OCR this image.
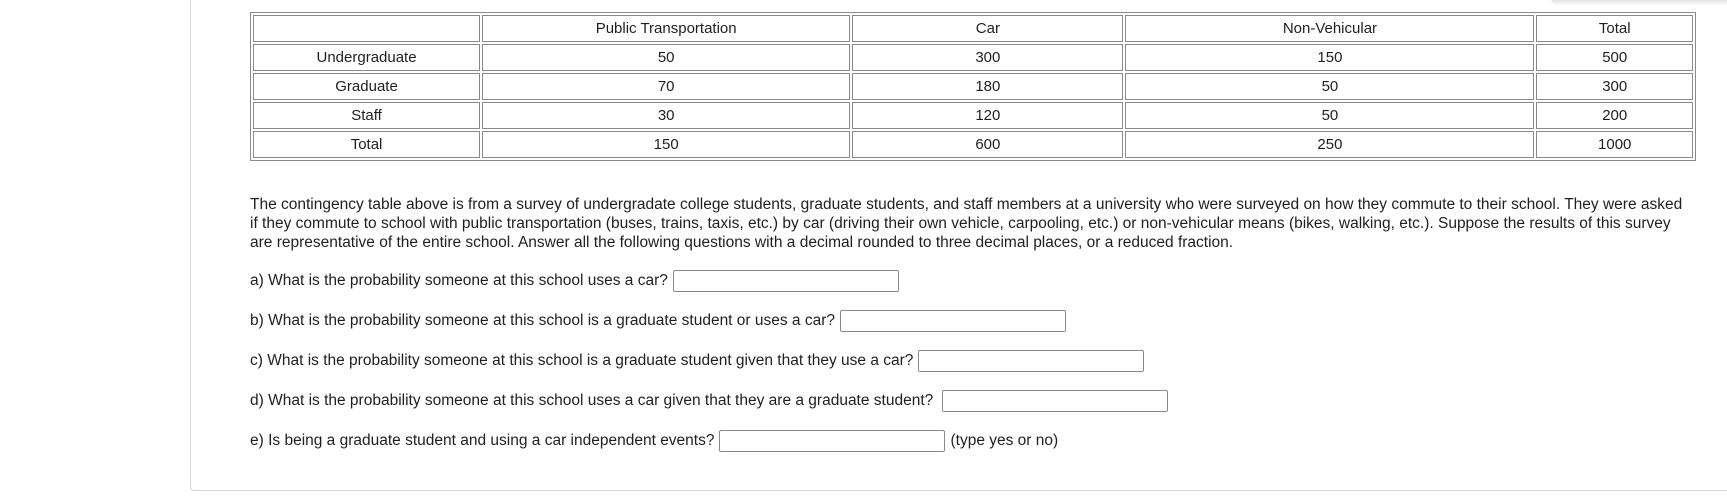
	Public Transportation	Car	Non-Vehicular	Total
Undergraduate	50	300	150	500
Graduate	70	180	50	300
Staff	30	120	50	200
Total	150	600	250	1000
The contingency table above is from a survey of undergradate college students, graduate students, and staff members at a university who were surveyed on how they commute to their school. They were asked if they commute to school with public transportation (buses, trains, taxis, etc.) by car (driving their own vehicle, carpooling, etc.) or non-vehicular means (bikes, walking, etc.). Suppose the results of this survey are representative of the entire school. Answer all the following questions with a decimal rounded to three decimal places, or a reduced fraction.
a) What is the probability someone at this school uses a car?
b) What is the probability someone at this school is a graduate student or uses a car?
c) What is the probability someone at this school is a graduate student given that they use a car?
d) What is the probability someone at this school uses a car given that they are a graduate student?
e) Is being a graduate student and using a car independent events?	(type yes or no)
